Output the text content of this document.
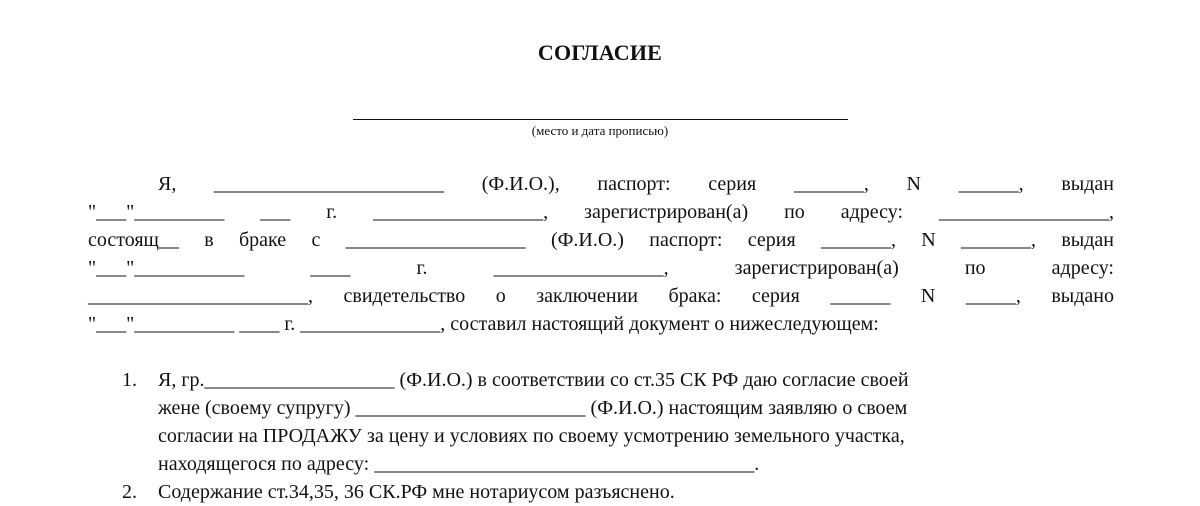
СОГЛАСИЕ
(место и дата прописью)
Я, _______________________ (Ф.И.О.), паспорт: серия _______, N ______, выдан
"___"_________ ___ г. _________________, зарегистрирован(а) по адресу: _________________,
состоящ__ в браке с __________________ (Ф.И.О.) паспорт: серия _______, N _______, выдан
"___"___________ ____ г. _________________, зарегистрирован(а) по адресу:
______________________, свидетельство о заключении брака: серия ______ N _____, выдано
"___"__________ ____ г. ______________, составил настоящий документ о нижеследующем:
1.	Я, гр.___________________ (Ф.И.О.) в соответствии со ст.35 СК РФ даю согласие своей
жене (своему супругу) _______________________ (Ф.И.О.) настоящим заявляю о своем
согласии на ПРОДАЖУ за цену и условиях по своему усмотрению земельного участка,
находящегося по адресу: ______________________________________.
2.	Содержание ст.34,35, 36 СК.РФ мне нотариусом разъяснено.
